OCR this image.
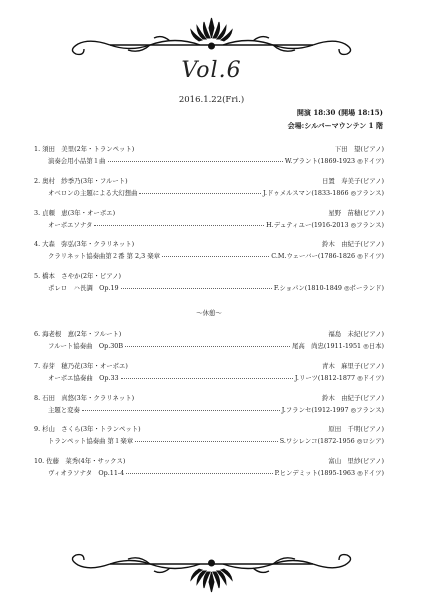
Vol.6
2016.1.22(Fri.)
開演 18:30 (開場 18:15)
会場:シルバーマウンテン 1 階
1. 須田　美里(2年・トランペット)	下田　望(ピアノ)
演奏会用小品第１曲	W.ブラント(1869-1923 ◎ドイツ)
2. 奥村　紗季乃(3年・フルート)	日置　寿美子(ピアノ)
オベロンの主題による大幻想曲	J.ドゥメルスマン(1833-1866 ◎フランス)
3. 貞頼　恵(3年・オーボエ)	星野　苗穂(ピアノ)
オーボエソナタ	H.デュティユー(1916-2013 ◎フランス)
4. 大森　弥弘(3年・クラリネット)	鈴木　由紀子(ピアノ)
クラリネット協奏曲第２番 第 2,3 楽章	C.M.ウェーバー(1786-1826 ◎ドイツ)
5. 橋本　さやか(2年・ピアノ)
ポレロ　ハ長調　Op.19	F.ショパン(1810-1849 ◎ポーランド)
〜休憩〜
6. 海老根　恵(2年・フルート)	福島　未紀(ピアノ)
フルート協奏曲　Op.30B	尾高　尚忠(1911-1951 ◎日本)
7. 春芽　穂乃花(3年・オーボエ)	青木　麻里子(ピアノ)
オーボエ協奏曲　Op.33	J.リーツ(1812-1877 ◎ドイツ)
8. 石田　真悠(3年・クラリネット)	鈴木　由紀子(ピアノ)
主題と変奏	J.フランセ(1912-1997 ◎フランス)
9. 杉山　さくら(3年・トランペット)	原田　千明(ピアノ)
トランペット協奏曲 第１楽章	S.ワシレンコ(1872-1956 ◎ロシア)
10. 佐藤　菜秀(4年・サックス)	富山　里紗(ピアノ)
ヴィオラソナタ　Op.11-4	P.ヒンデミット(1895-1963 ◎ドイツ)
